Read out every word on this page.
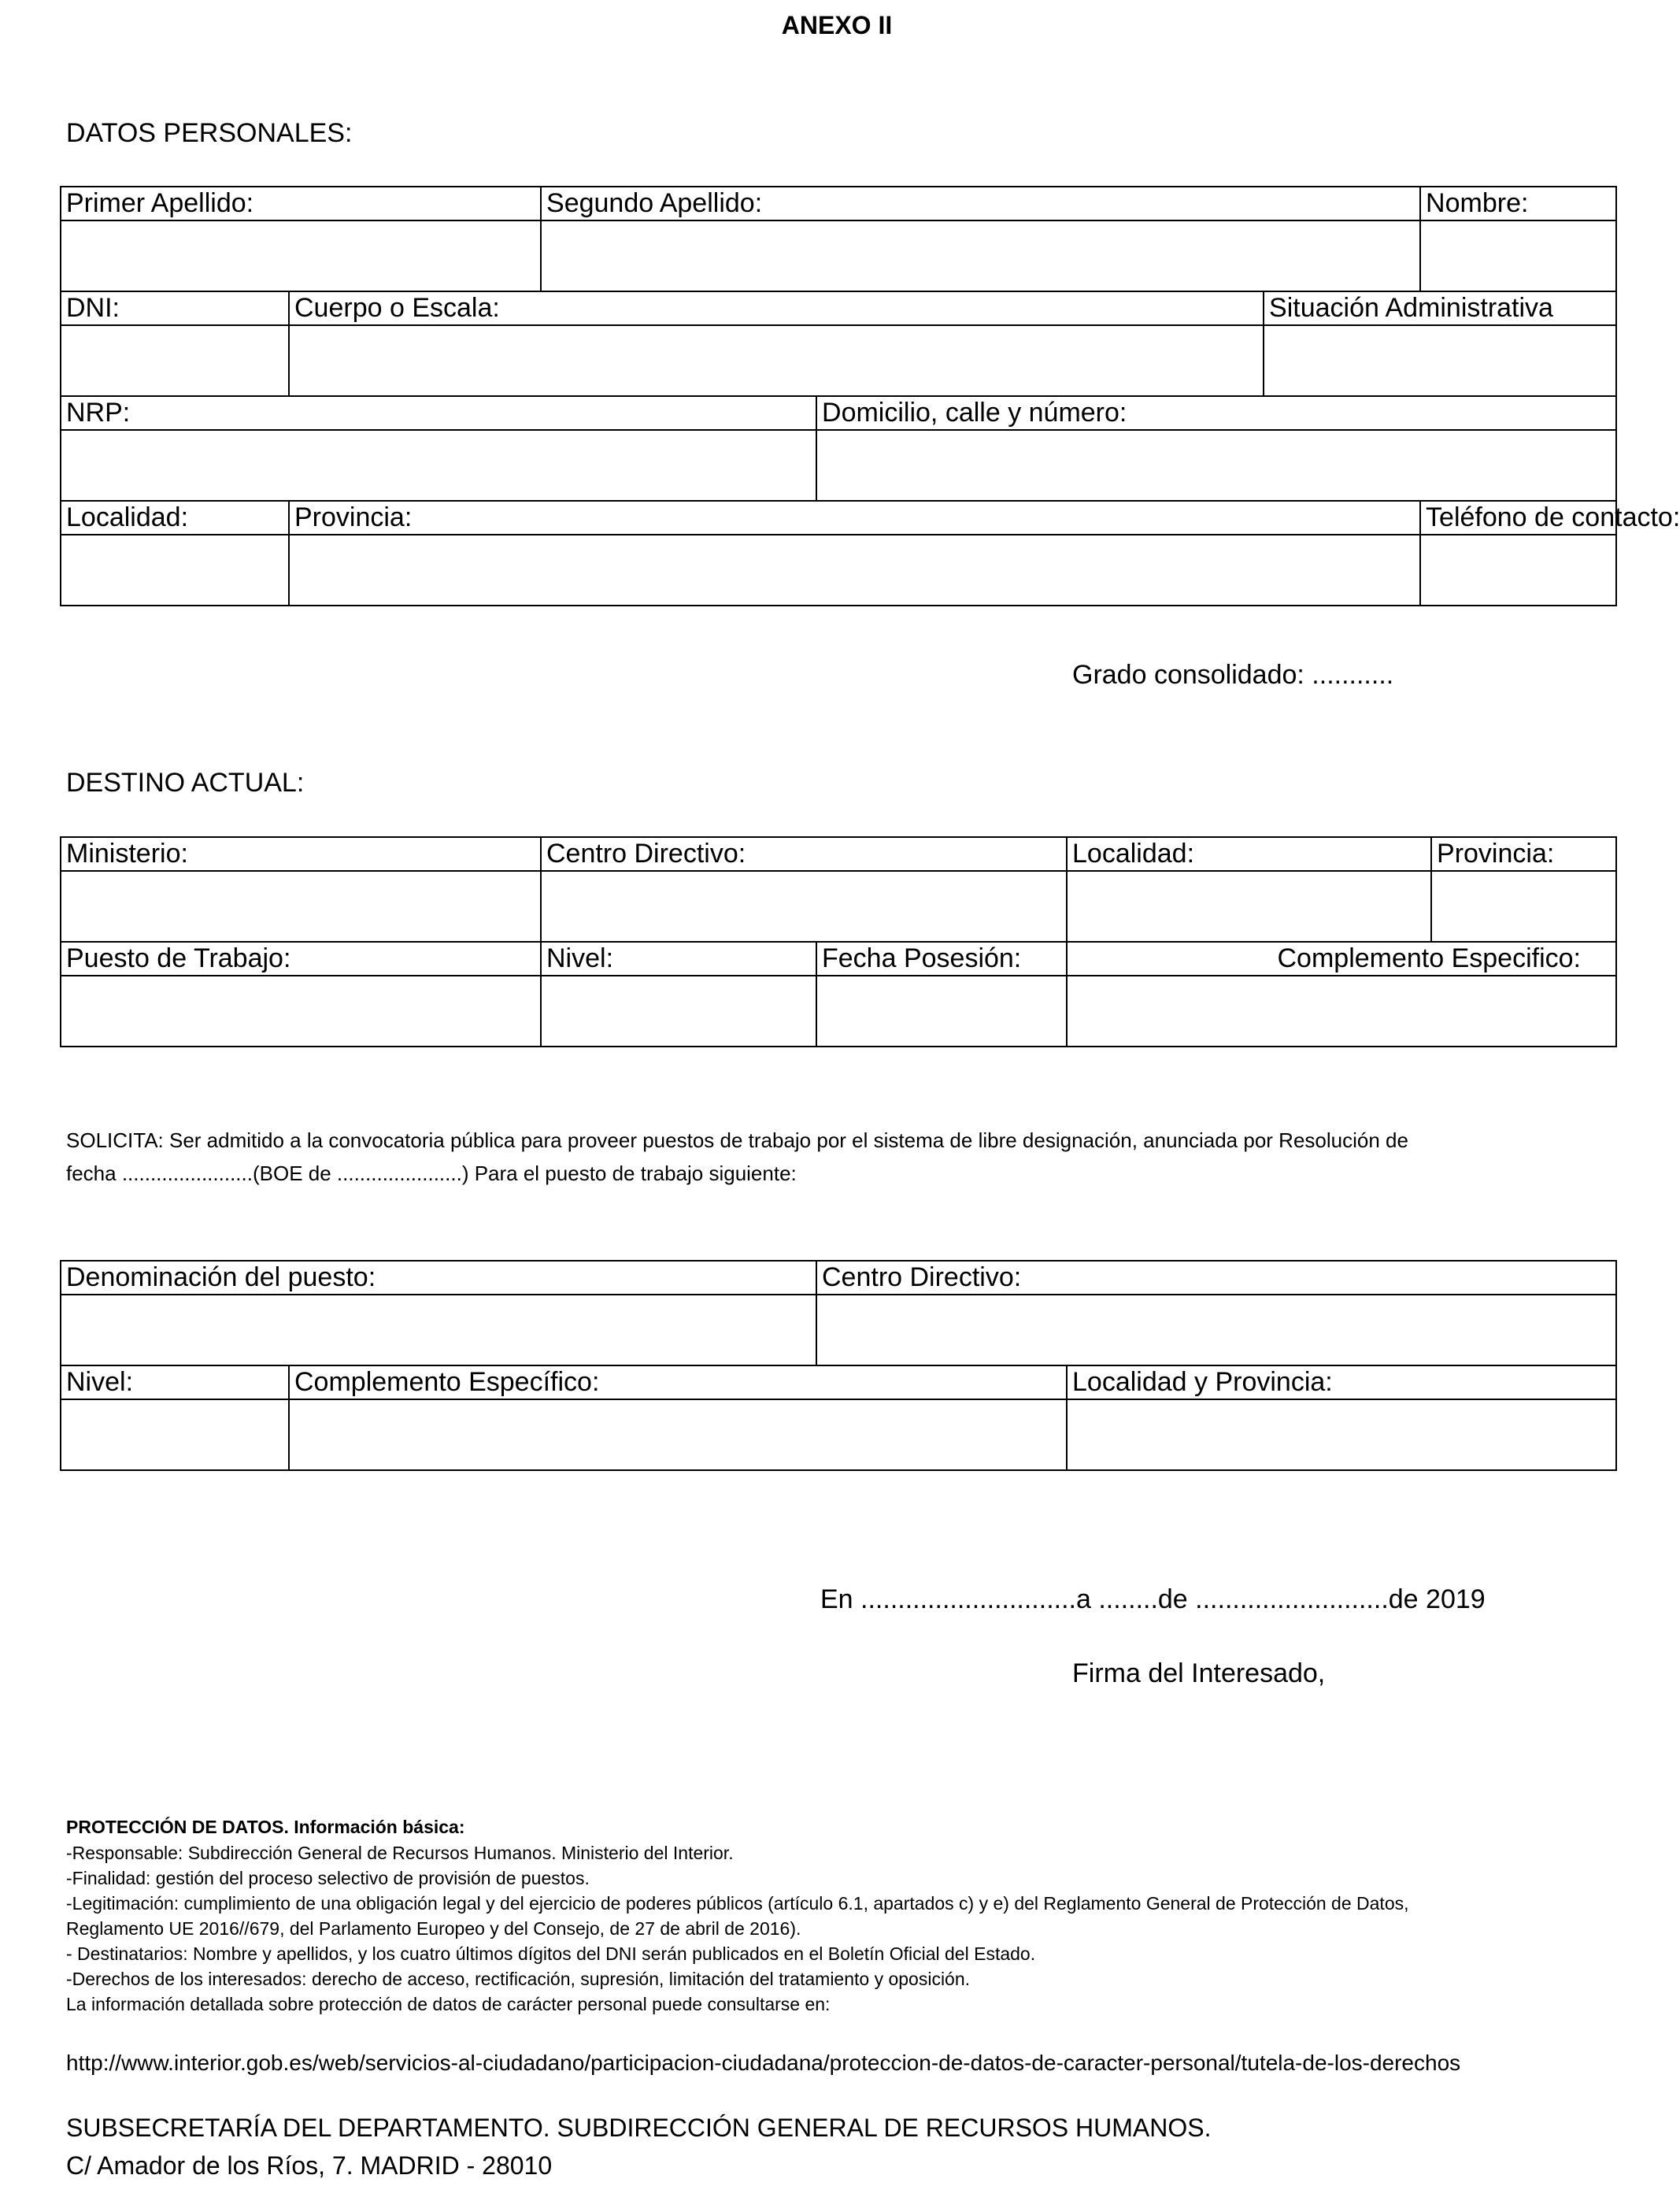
ANEXO II
DATOS PERSONALES:
Primer Apellido:		Segundo Apellido:			Nombre:

DNI:	Cuerpo o Escala:			Situación Administrativa	

NRP:			Domicilio, calle y número:		

Localidad:	Provincia:				Teléfono de contacto:

Grado consolidado: ...........
DESTINO ACTUAL:
Ministerio:	Centro Directivo:		Localidad:	Provincia:

Puesto de Trabajo:	Nivel:	Fecha Posesión:	Complemento Especifico:	

SOLICITA: Ser admitido a la convocatoria pública para proveer puestos de trabajo por el sistema de libre designación, anunciada por Resolución de
fecha .......................(BOE de ......................) Para el puesto de trabajo siguiente:
Denominación del puesto:		Centro Directivo:	

Nivel:	Complemento Específico:		Localidad y Provincia:

En .............................a ........de ..........................de 2019
Firma del Interesado,
PROTECCIÓN DE DATOS. Información básica:
-Responsable: Subdirección General de Recursos Humanos. Ministerio del Interior.
-Finalidad: gestión del proceso selectivo de provisión de puestos.
-Legitimación: cumplimiento de una obligación legal y del ejercicio de poderes públicos (artículo 6.1, apartados c) y e) del Reglamento General de Protección de Datos,
Reglamento UE 2016//679, del Parlamento Europeo y del Consejo, de 27 de abril de 2016).
- Destinatarios: Nombre y apellidos, y los cuatro últimos dígitos del DNI serán publicados en el Boletín Oficial del Estado.
-Derechos de los interesados: derecho de acceso, rectificación, supresión, limitación del tratamiento y oposición.
La información detallada sobre protección de datos de carácter personal puede consultarse en:
http://www.interior.gob.es/web/servicios-al-ciudadano/participacion-ciudadana/proteccion-de-datos-de-caracter-personal/tutela-de-los-derechos
SUBSECRETARÍA DEL DEPARTAMENTO. SUBDIRECCIÓN GENERAL DE RECURSOS HUMANOS.
C/ Amador de los Ríos, 7. MADRID - 28010
